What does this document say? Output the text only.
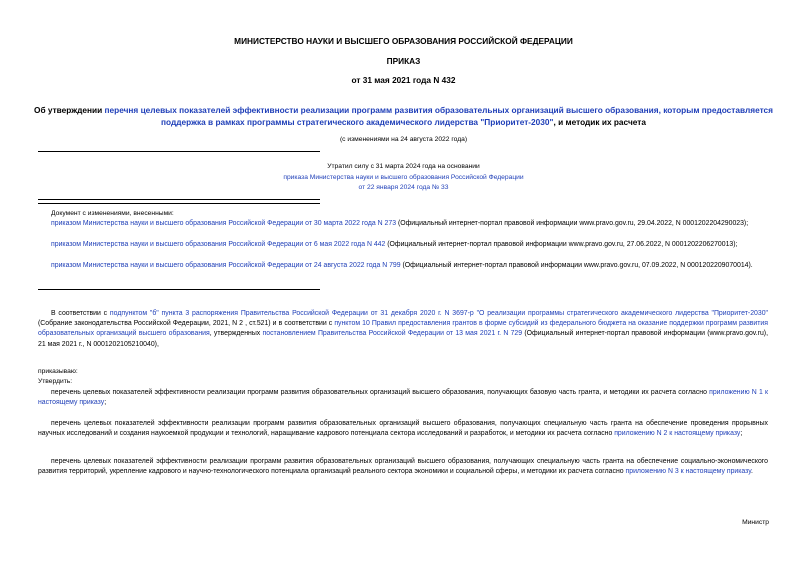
МИНИСТЕРСТВО НАУКИ И ВЫСШЕГО ОБРАЗОВАНИЯ РОССИЙСКОЙ ФЕДЕРАЦИИ
ПРИКАЗ
от 31 мая 2021 года N 432
Об утверждении перечня целевых показателей эффективности реализации программ развития образовательных организаций высшего образования, которым предоставляется поддержка в рамках программы стратегического академического лидерства "Приоритет-2030", и методик их расчета
(с изменениями на 24 августа 2022 года)
Утратил силу с 31 марта 2024 года на основании
приказа Министерства науки и высшего образования Российской Федерации
от 22 января 2024 года № 33
Документ с изменениями, внесенными:
приказом Министерства науки и высшего образования Российской Федерации от 30 марта 2022 года N 273 (Официальный интернет-портал правовой информации www.pravo.gov.ru, 29.04.2022, N 0001202204290023);
приказом Министерства науки и высшего образования Российской Федерации от 6 мая 2022 года N 442 (Официальный интернет-портал правовой информации www.pravo.gov.ru, 27.06.2022, N 0001202206270013);
приказом Министерства науки и высшего образования Российской Федерации от 24 августа 2022 года N 799 (Официальный интернет-портал правовой информации www.pravo.gov.ru, 07.09.2022, N 0001202209070014).
В соответствии с подпунктом "б" пункта 3 распоряжения Правительства Российской Федерации от 31 декабря 2020 г. N 3697-р "О реализации программы стратегического академического лидерства "Приоритет-2030" (Собрание законодательства Российской Федерации, 2021, N 2 , ст.521) и в соответствии с пунктом 10 Правил предоставления грантов в форме субсидий из федерального бюджета на оказание поддержки программ развития образовательных организаций высшего образования, утвержденных постановлением Правительства Российской Федерации от 13 мая 2021 г. N 729 (Официальный интернет-портал правовой информации (www.pravo.gov.ru), 21 мая 2021 г., N 0001202105210040),
приказываю:
Утвердить:
перечень целевых показателей эффективности реализации программ развития образовательных организаций высшего образования, получающих базовую часть гранта, и методики их расчета согласно приложению N 1 к настоящему приказу;
перечень целевых показателей эффективности реализации программ развития образовательных организаций высшего образования, получающих специальную часть гранта на обеспечение проведения прорывных научных исследований и создания наукоемкой продукции и технологий, наращивание кадрового потенциала сектора исследований и разработок, и методики их расчета согласно приложению N 2 к настоящему приказу;
перечень целевых показателей эффективности реализации программ развития образовательных организаций высшего образования, получающих специальную часть гранта на обеспечение социально-экономического развития территорий, укрепление кадрового и научно-технологического потенциала организаций реального сектора экономики и социальной сферы, и методики их расчета согласно приложению N 3 к настоящему приказу.
Министр
